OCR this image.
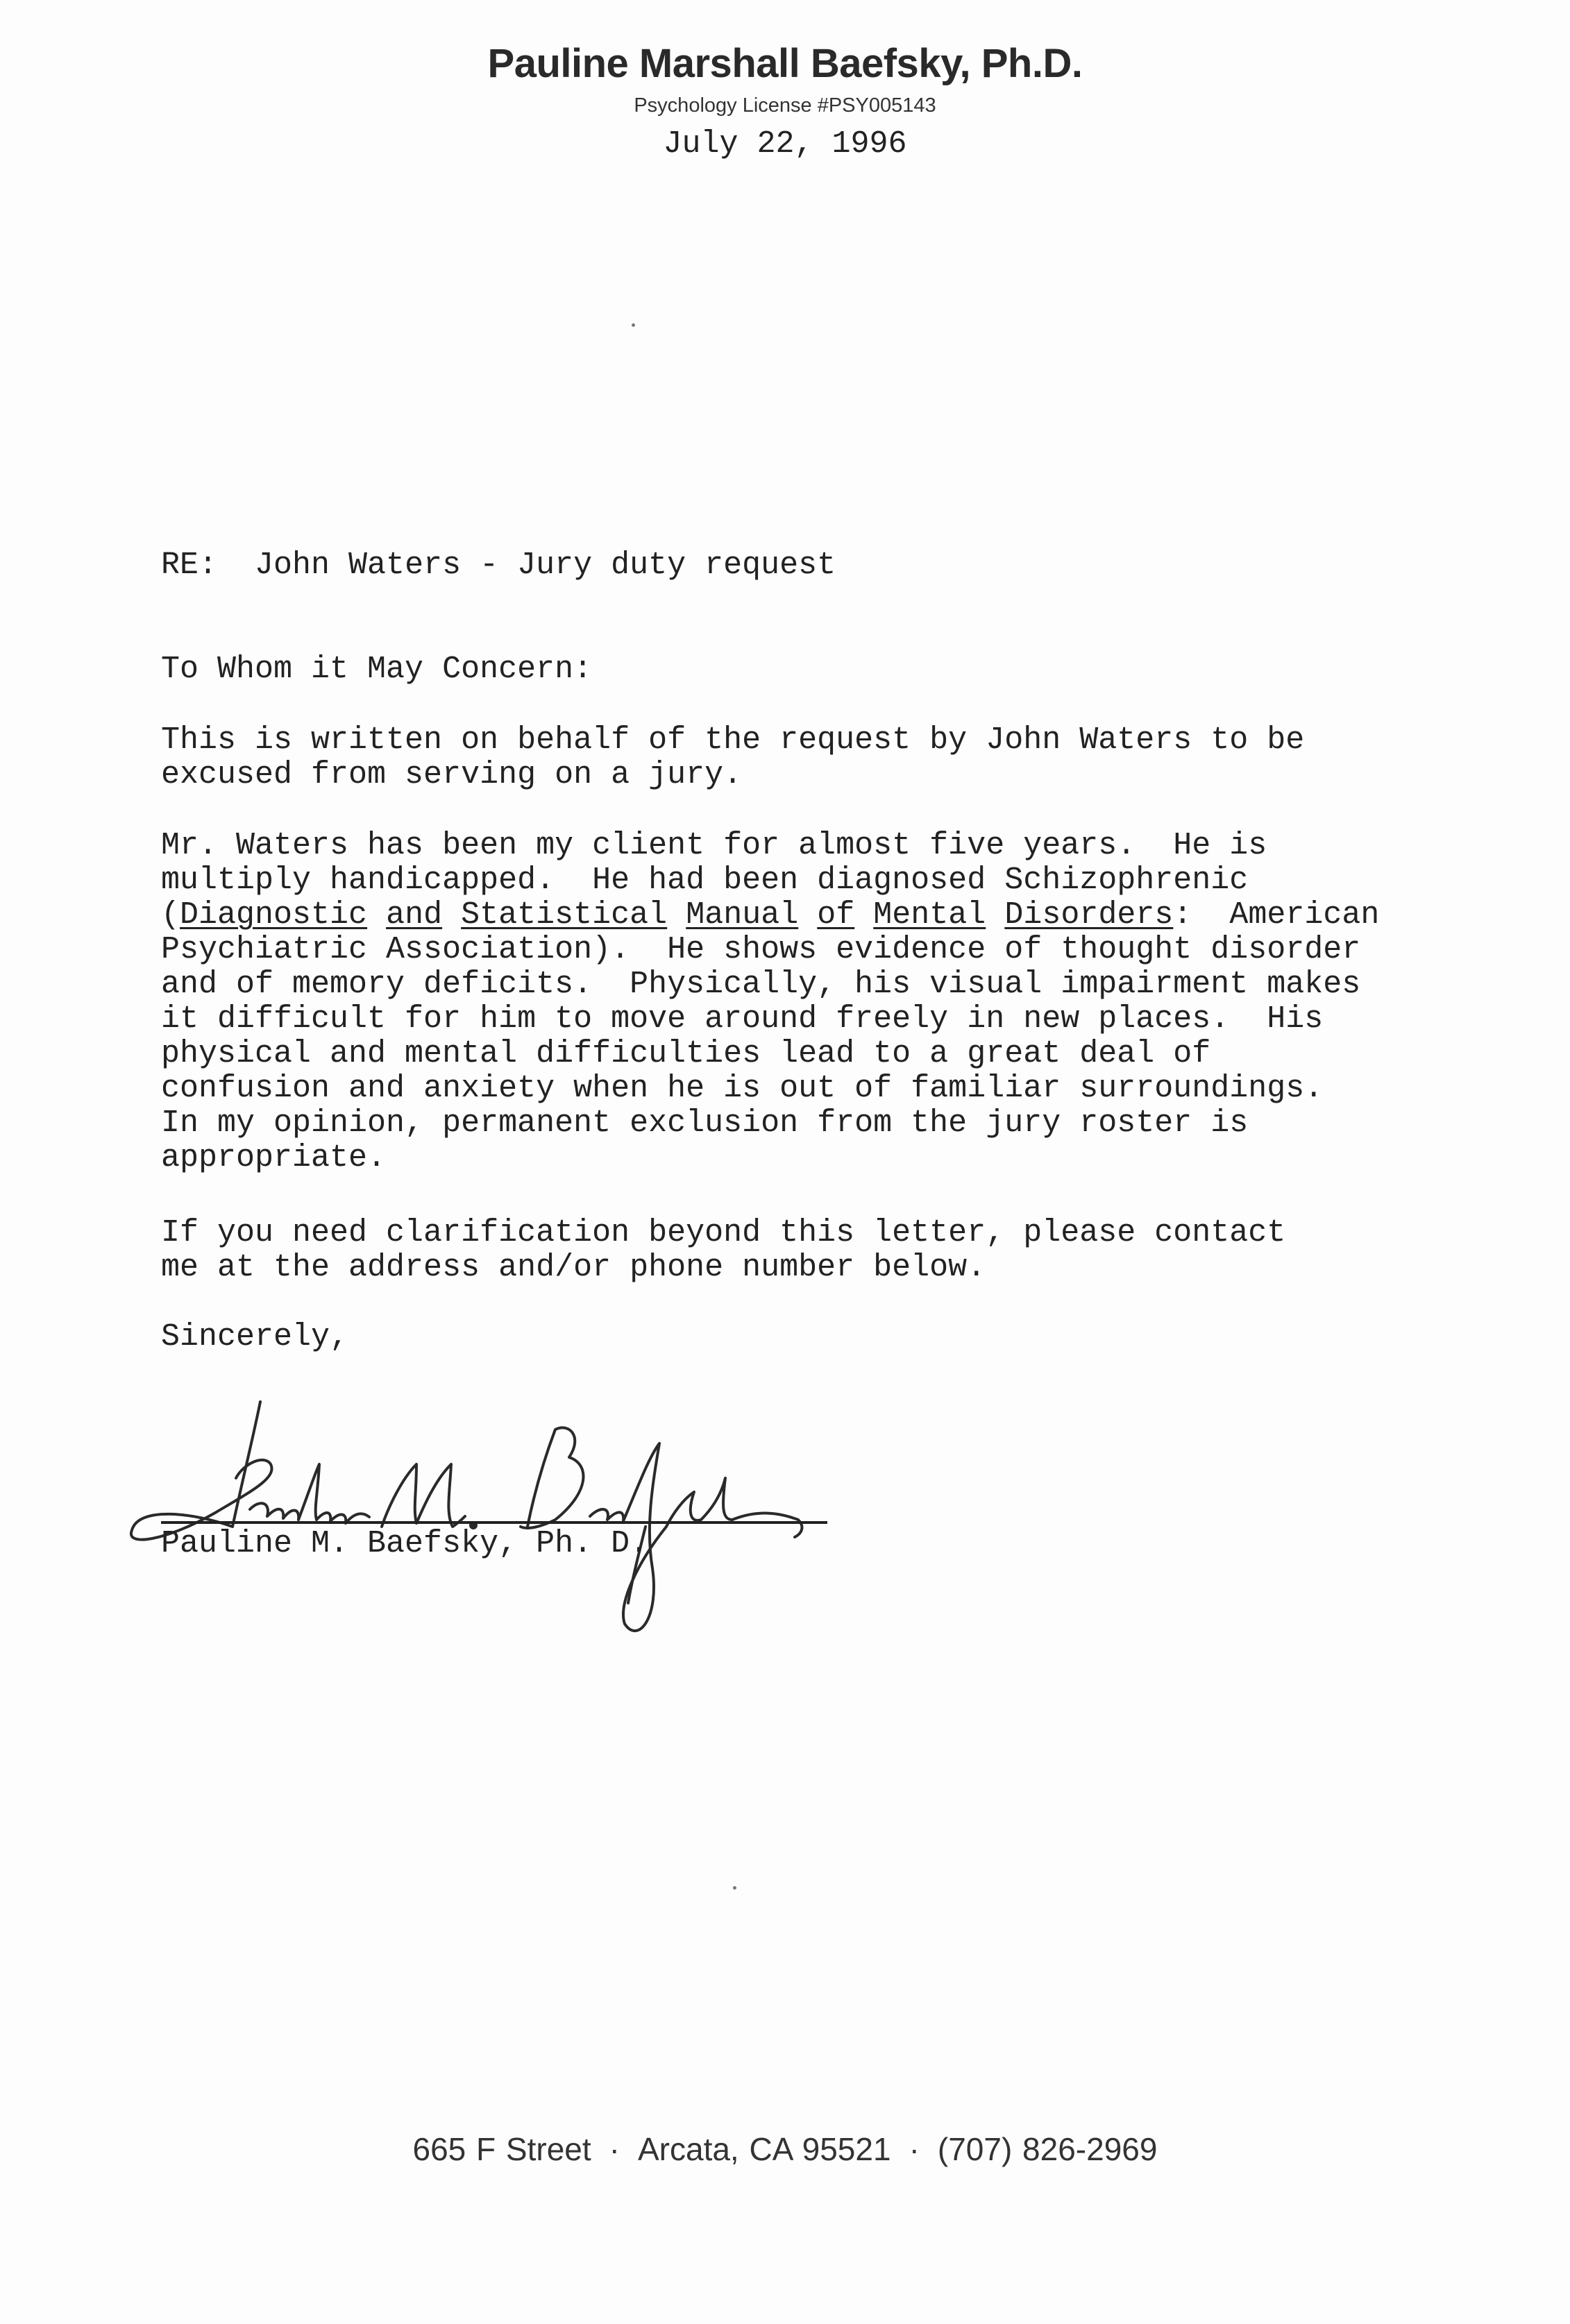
Pauline Marshall Baefsky, Ph.D.
Psychology License #PSY005143
July 22, 1996
RE: John Waters - Jury duty request
To Whom it May Concern:
This is written on behalf of the request by John Waters to be
excused from serving on a jury.
Mr. Waters has been my client for almost five years.  He is
multiply handicapped.  He had been diagnosed Schizophrenic
(Diagnostic and Statistical Manual of Mental Disorders:  American
Psychiatric Association).  He shows evidence of thought disorder
and of memory deficits.  Physically, his visual impairment makes
it difficult for him to move around freely in new places.  His
physical and mental difficulties lead to a great deal of
confusion and anxiety when he is out of familiar surroundings.
In my opinion, permanent exclusion from the jury roster is
appropriate.
If you need clarification beyond this letter, please contact
me at the address and/or phone number below.
Sincerely,
Pauline M. Baefsky, Ph. D.
665 F Street · Arcata, CA 95521 · (707) 826-2969
